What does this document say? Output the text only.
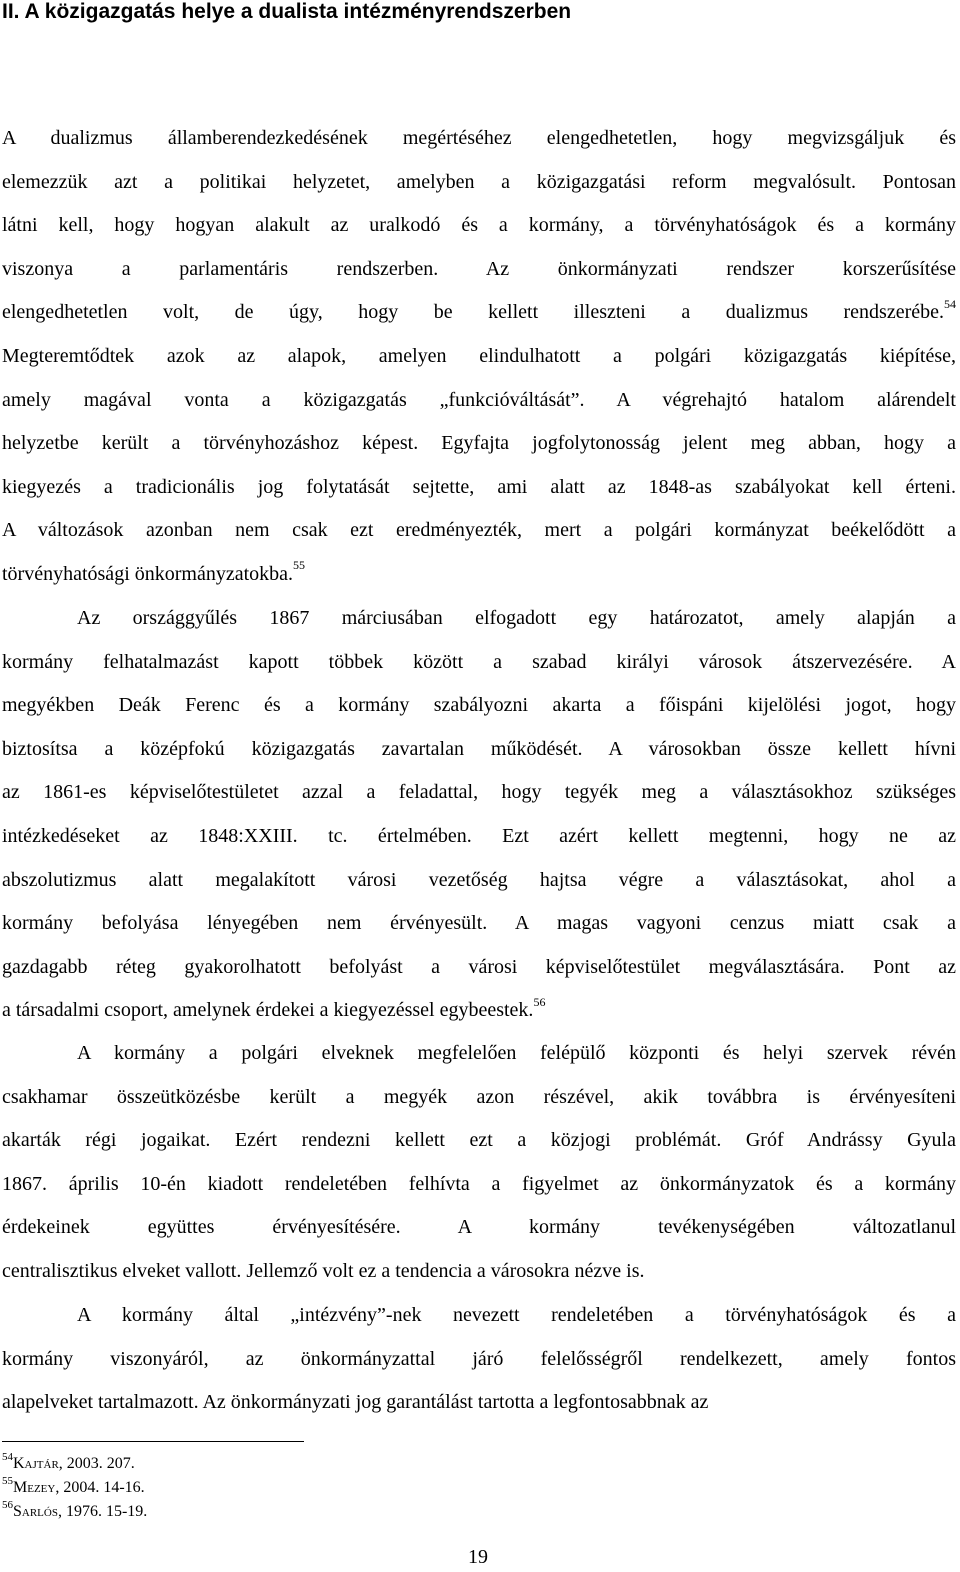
II. A közigazgatás helye a dualista intézményrendszerben
A dualizmus államberendezkedésének megértéséhez elengedhetetlen, hogy megvizsgáljuk és
elemezzük azt a politikai helyzetet, amelyben a közigazgatási reform megvalósult. Pontosan
látni kell, hogy hogyan alakult az uralkodó és a kormány, a törvényhatóságok és a kormány
viszonya a parlamentáris rendszerben. Az önkormányzati rendszer korszerűsítése
elengedhetetlen volt, de úgy, hogy be kellett illeszteni a dualizmus rendszerébe.$^{54}$
Megteremtődtek azok az alapok, amelyen elindulhatott a polgári közigazgatás kiépítése,
amely magával vonta a közigazgatás „funkcióváltását”. A végrehajtó hatalom alárendelt
helyzetbe került a törvényhozáshoz képest. Egyfajta jogfolytonosság jelent meg abban, hogy a
kiegyezés a tradicionális jog folytatását sejtette, ami alatt az 1848-as szabályokat kell érteni.
A változások azonban nem csak ezt eredményezték, mert a polgári kormányzat beékelődött a
törvényhatósági önkormányzatokba.$^{55}$
Az országgyűlés 1867 márciusában elfogadott egy határozatot, amely alapján a
kormány felhatalmazást kapott többek között a szabad királyi városok átszervezésére. A
megyékben Deák Ferenc és a kormány szabályozni akarta a főispáni kijelölési jogot, hogy
biztosítsa a középfokú közigazgatás zavartalan működését. A városokban össze kellett hívni
az 1861-es képviselőtestületet azzal a feladattal, hogy tegyék meg a választásokhoz szükséges
intézkedéseket az 1848:XXIII. tc. értelmében. Ezt azért kellett megtenni, hogy ne az
abszolutizmus alatt megalakított városi vezetőség hajtsa végre a választásokat, ahol a
kormány befolyása lényegében nem érvényesült. A magas vagyoni cenzus miatt csak a
gazdagabb réteg gyakorolhatott befolyást a városi képviselőtestület megválasztására. Pont az
a társadalmi csoport, amelynek érdekei a kiegyezéssel egybeestek.$^{56}$
A kormány a polgári elveknek megfelelően felépülő központi és helyi szervek révén
csakhamar összeütközésbe került a megyék azon részével, akik továbbra is érvényesíteni
akarták régi jogaikat. Ezért rendezni kellett ezt a közjogi problémát. Gróf Andrássy Gyula
1867. április 10-én kiadott rendeletében felhívta a figyelmet az önkormányzatok és a kormány
érdekeinek együttes érvényesítésére. A kormány tevékenységében változatlanul
centralisztikus elveket vallott. Jellemző volt ez a tendencia a városokra nézve is.
A kormány által „intézvény”-nek nevezett rendeletében a törvényhatóságok és a
kormány viszonyáról, az önkormányzattal járó felelősségről rendelkezett, amely fontos
alapelveket tartalmazott. Az önkormányzati jog garantálást tartotta a legfontosabbnak az
$^{54}$Kajtár, 2003. 207.
$^{55}$Mezey, 2004. 14-16.
$^{56}$Sarlós, 1976. 15-19.
19
